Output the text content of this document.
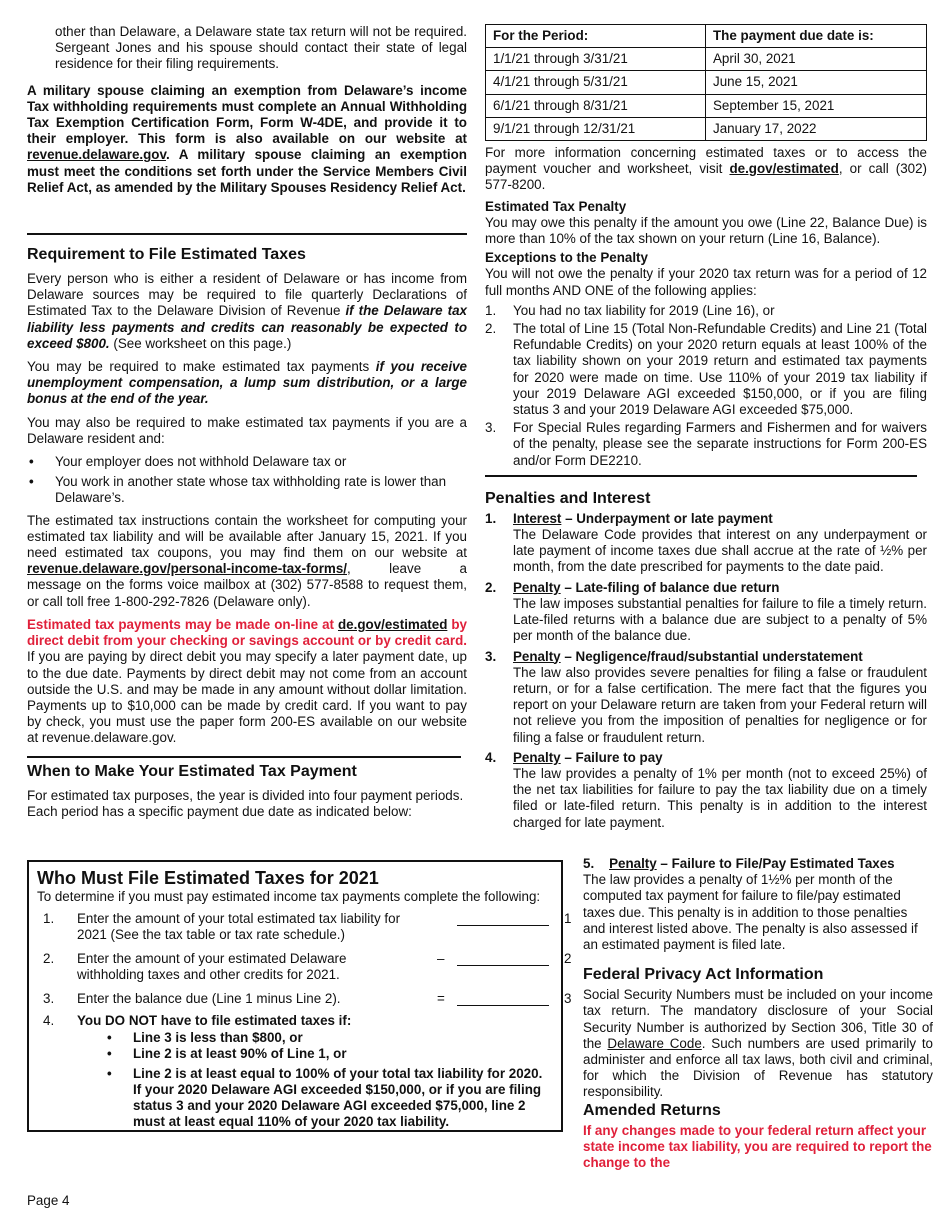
other than Delaware, a Delaware state tax return will not be required. Sergeant Jones and his spouse should contact their state of legal residence for their filing requirements.

A military spouse claiming an exemption from Delaware’s income Tax withholding requirements must complete an Annual Withholding Tax Exemption Certification Form, Form W-4DE, and provide it to their employer. This form is also available on our website at revenue.delaware.gov. A military spouse claiming an exemption must meet the conditions set forth under the Service Members Civil Relief Act, as amended by the Military Spouses Residency Relief Act.

Requirement to File Estimated Taxes

Every person who is either a resident of Delaware or has income from Delaware sources may be required to file quarterly Declarations of Estimated Tax to the Delaware Division of Revenue if the Delaware tax liability less payments and credits can reasonably be expected to exceed $800. (See worksheet on this page.)

You may be required to make estimated tax payments if you receive unemployment compensation, a lump sum distribution, or a large bonus at the end of the year.

You may also be required to make estimated tax payments if you are a Delaware resident and:

• Your employer does not withhold Delaware tax or
• You work in another state whose tax withholding rate is lower than Delaware’s.

The estimated tax instructions contain the worksheet for computing your estimated tax liability and will be available after January 15, 2021. If you need estimated tax coupons, you may find them on our website at revenue.delaware.gov/personal-income-tax-forms/,      leave      a message on the forms voice mailbox at (302) 577-8588 to request them, or call toll free 1-800-292-7826 (Delaware only).

Estimated tax payments may be made on-line at de.gov/estimated by direct debit from your checking or savings account or by credit card. If you are paying by direct debit you may specify a later payment date, up to the due date. Payments by direct debit may not come from an account outside the U.S. and may be made in any amount without dollar limitation. Payments up to $10,000 can be made by credit card. If you want to pay by check, you must use the paper form 200-ES available on our website at revenue.delaware.gov.

When to Make Your Estimated Tax Payment

For estimated tax purposes, the year is divided into four payment periods. Each period has a specific payment due date as indicated below:

Who Must File Estimated Taxes for 2021
To determine if you must pay estimated income tax payments complete the following:
1. Enter the amount of your total estimated tax liability for 2021 (See the tax table or tax rate schedule.)
1
2. Enter the amount of your estimated Delaware withholding taxes and other credits for 2021.
–	2
3. Enter the balance due (Line 1 minus Line 2).	=	3
4. You DO NOT have to file estimated taxes if:
• Line 3 is less than $800, or
• Line 2 is at least 90% of Line 1, or
• Line 2 is at least equal to 100% of your total tax liability for 2020. If your 2020 Delaware AGI exceeded $150,000, or if you are filing status 3 and your 2020 Delaware AGI exceeded $75,000, line 2 must at least equal 110% of your 2020 tax liability.
For the Period:	The payment due date is:
1/1/21 through 3/31/21	April 30, 2021
4/1/21 through 5/31/21	June 15, 2021
6/1/21 through 8/31/21	September 15, 2021
9/1/21 through 12/31/21	January 17, 2022

For more information concerning estimated taxes or to access the payment voucher and worksheet, visit de.gov/estimated, or call (302) 577-8200.

Estimated Tax Penalty

You may owe this penalty if the amount you owe (Line 22, Balance Due) is more than 10% of the tax shown on your return (Line 16, Balance).

Exceptions to the Penalty

You will not owe the penalty if your 2020 tax return was for a period of 12 full months AND ONE of the following applies:

1. You had no tax liability for 2019 (Line 16), or
2. The total of Line 15 (Total Non-Refundable Credits) and Line 21 (Total Refundable Credits) on your 2020 return equals at least 100% of the tax liability shown on your 2019 return and estimated tax payments for 2020 were made on time. Use 110% of your 2019 tax liability if your 2019 Delaware AGI exceeded $150,000, or if you are filing status 3 and your 2019 Delaware AGI exceeded $75,000.
3. For Special Rules regarding Farmers and Fishermen and for waivers of the penalty, please see the separate instructions for Form 200-ES and/or Form DE2210.
Penalties and Interest
1. Interest – Underpayment or late payment
The Delaware Code provides that interest on any underpayment or late payment of income taxes due shall accrue at the rate of ½% per month, from the date prescribed for payments to the date paid.
2. Penalty – Late-filing of balance due return
The law imposes substantial penalties for failure to file a timely return. Late-filed returns with a balance due are subject to a penalty of 5% per month of the balance due.
3. Penalty – Negligence/fraud/substantial understatement
The law also provides severe penalties for filing a false or fraudulent return, or for a false certification. The mere fact that the figures you report on your Delaware return are taken from your Federal return will not relieve you from the imposition of penalties for negligence or for filing a false or fraudulent return.
4. Penalty – Failure to pay
The law provides a penalty of 1% per month (not to exceed 25%) of the net tax liabilities for failure to pay the tax liability due on a timely filed or late-filed return. This penalty is in addition to the interest charged for late payment.
5. Penalty – Failure to File/Pay Estimated Taxes
The law provides a penalty of 1½% per month of the computed tax payment for failure to file/pay estimated taxes due. This penalty is in addition to those penalties and interest listed above. The penalty is also assessed if an estimated payment is filed late.
Federal Privacy Act Information

Social Security Numbers must be included on your income tax return. The mandatory disclosure of your Social Security Number is authorized by Section 306, Title 30 of the Delaware Code. Such numbers are used primarily to administer and enforce all tax laws, both civil and criminal, for which the Division of Revenue has statutory responsibility.

Amended Returns
If any changes made to your federal return affect your state income tax liability, you are required to report the change to the
Page 4
